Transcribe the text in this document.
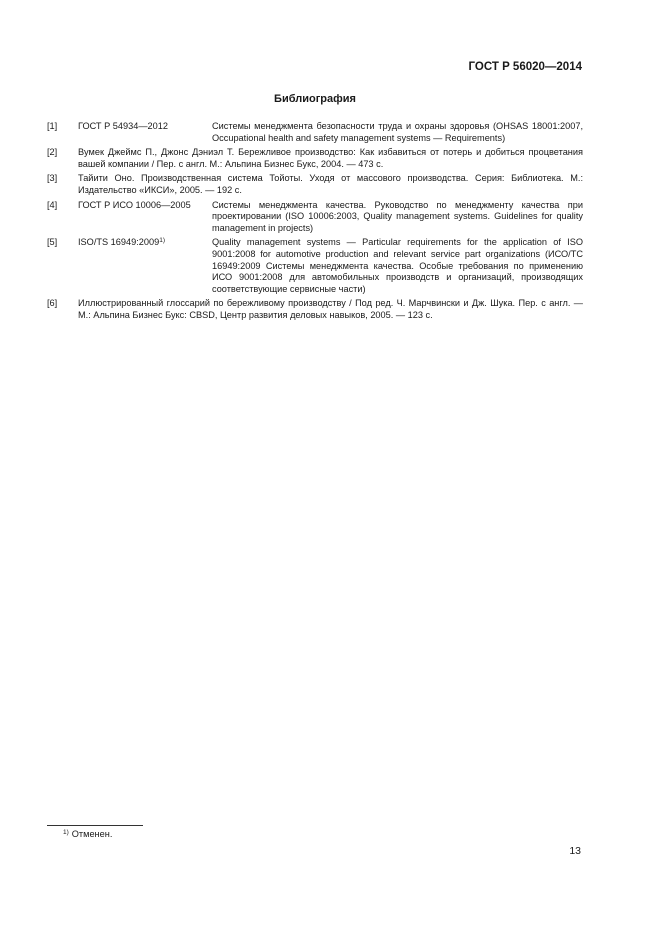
ГОСТ Р 56020—2014
Библиография
[1]	ГОСТ Р 54934—2012	Системы менеджмента безопасности труда и охраны здоровья (OHSAS 18001:2007, Occupational health and safety management systems — Requirements)
[2]	Вумек Джеймс П., Джонс Дэниэл Т. Бережливое производство: Как избавиться от потерь и добиться процветания вашей компании / Пер. с англ. М.: Альпина Бизнес Букс, 2004. — 473 с.
[3]	Тайити Оно. Производственная система Тойоты. Уходя от массового производства. Серия: Библиотека. М.: Издательство «ИКСИ», 2005. — 192 с.
[4]	ГОСТ Р ИСО 10006—2005	Системы менеджмента качества. Руководство по менеджменту качества при проектировании (ISO 10006:2003, Quality management systems. Guidelines for quality management in projects)
[5]	ISO/TS 16949:2009$^{1)}$	Quality management systems — Particular requirements for the application of ISO 9001:2008 for automotive production and relevant service part organizations (ИСО/ТС 16949:2009 Системы менеджмента качества. Особые требования по применению ИСО 9001:2008 для автомобильных производств и организаций, производящих соответствующие сервисные части)
[6]	Иллюстрированный глоссарий по бережливому производству / Под ред. Ч. Марчвински и Дж. Шука. Пер. с англ. — М.: Альпина Бизнес Букс: CBSD, Центр развития деловых навыков, 2005. — 123 с.
$^{1)}$ Отменен.
13
